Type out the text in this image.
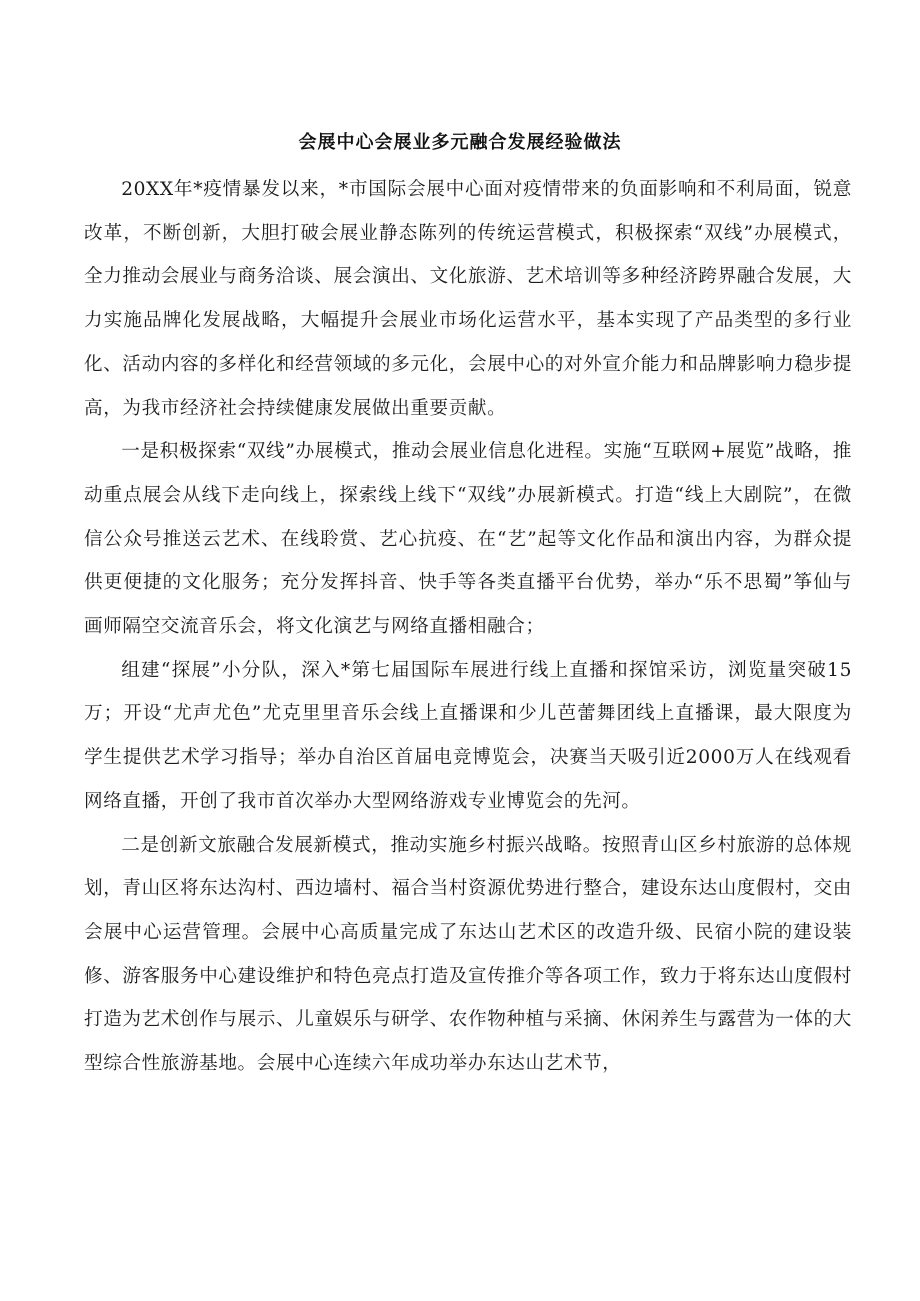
会展中心会展业多元融合发展经验做法

20XX年*疫情暴发以来，*市国际会展中心面对疫情带来的负面影响和不利局面，锐意改革，不断创新，大胆打破会展业静态陈列的传统运营模式，积极探索“双线”办展模式，全力推动会展业与商务洽谈、展会演出、文化旅游、艺术培训等多种经济跨界融合发展，大力实施品牌化发展战略，大幅提升会展业市场化运营水平，基本实现了产品类型的多行业化、活动内容的多样化和经营领域的多元化，会展中心的对外宣介能力和品牌影响力稳步提高，为我市经济社会持续健康发展做出重要贡献。

一是积极探索“双线”办展模式，推动会展业信息化进程。实施“互联网+展览”战略，推动重点展会从线下走向线上，探索线上线下“双线”办展新模式。打造“线上大剧院”，在微信公众号推送云艺术、在线聆赏、艺心抗疫、在“艺”起等文化作品和演出内容，为群众提供更便捷的文化服务；充分发挥抖音、快手等各类直播平台优势，举办“乐不思蜀”筝仙与画师隔空交流音乐会，将文化演艺与网络直播相融合；

组建“探展”小分队，深入*第七届国际车展进行线上直播和探馆采访，浏览量突破15万；开设“尤声尤色”尤克里里音乐会线上直播课和少儿芭蕾舞团线上直播课，最大限度为学生提供艺术学习指导；举办自治区首届电竞博览会，决赛当天吸引近2000万人在线观看网络直播，开创了我市首次举办大型网络游戏专业博览会的先河。

二是创新文旅融合发展新模式，推动实施乡村振兴战略。按照青山区乡村旅游的总体规划，青山区将东达沟村、西边墙村、福合当村资源优势进行整合，建设东达山度假村，交由会展中心运营管理。会展中心高质量完成了东达山艺术区的改造升级、民宿小院的建设装修、游客服务中心建设维护和特色亮点打造及宣传推介等各项工作，致力于将东达山度假村打造为艺术创作与展示、儿童娱乐与研学、农作物种植与采摘、休闲养生与露营为一体的大型综合性旅游基地。会展中心连续六年成功举办东达山艺术节，
